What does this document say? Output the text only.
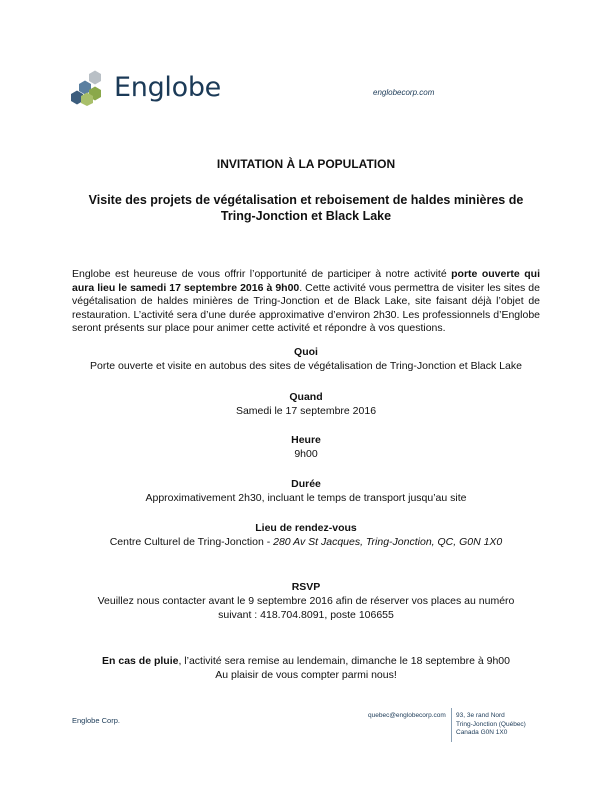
Englobe	englobecorp.com
INVITATION À LA POPULATION
Visite des projets de végétalisation et reboisement de haldes minières de Tring-Jonction et Black Lake
Englobe est heureuse de vous offrir l’opportunité de participer à notre activité porte ouverte qui aura lieu le samedi 17 septembre 2016 à 9h00. Cette activité vous permettra de visiter les sites de végétalisation de haldes minières de Tring-Jonction et de Black Lake, site faisant déjà l’objet de restauration. L’activité sera d’une durée approximative d’environ 2h30. Les professionnels d’Englobe seront présents sur place pour animer cette activité et répondre à vos questions.
Quoi
Porte ouverte et visite en autobus des sites de végétalisation de Tring-Jonction et Black Lake
Quand
Samedi le 17 septembre 2016
Heure
9h00
Durée
Approximativement 2h30, incluant le temps de transport jusqu’au site
Lieu de rendez-vous
Centre Culturel de Tring-Jonction - 280 Av St Jacques, Tring-Jonction, QC, G0N 1X0
RSVP
Veuillez nous contacter avant le 9 septembre 2016 afin de réserver vos places au numéro
suivant : 418.704.8091, poste 106655
En cas de pluie, l’activité sera remise au lendemain, dimanche le 18 septembre à 9h00
Au plaisir de vous compter parmi nous!
Englobe Corp.
quebec@englobecorp.com 93, 3e rand Nord
Tring-Jonction (Québec)
Canada G0N 1X0
